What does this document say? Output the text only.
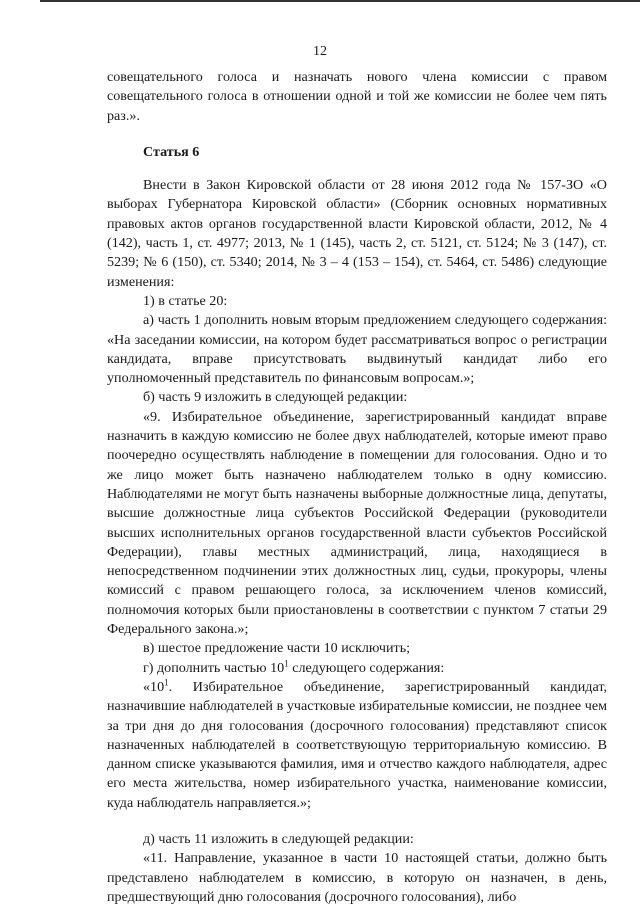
12

совещательного голоса и назначать нового члена комиссии с правом совещательного голоса в отношении одной и той же комиссии не более чем пять раз.».

Статья 6

Внести в Закон Кировской области от 28 июня 2012 года № 157-ЗО «О выборах Губернатора Кировской области» (Сборник основных нормативных правовых актов органов государственной власти Кировской области, 2012, № 4 (142), часть 1, ст. 4977; 2013, № 1 (145), часть 2, ст. 5121, ст. 5124; № 3 (147), ст. 5239; № 6 (150), ст. 5340; 2014, № 3 – 4 (153 – 154), ст. 5464, ст. 5486) следующие изменения:

1) в статье 20:

а) часть 1 дополнить новым вторым предложением следующего содержания: «На заседании комиссии, на котором будет рассматриваться вопрос о регистрации кандидата, вправе присутствовать выдвинутый кандидат либо его уполномоченный представитель по финансовым вопросам.»;

б) часть 9 изложить в следующей редакции:

«9. Избирательное объединение, зарегистрированный кандидат вправе назначить в каждую комиссию не более двух наблюдателей, которые имеют право поочередно осуществлять наблюдение в помещении для голосования. Одно и то же лицо может быть назначено наблюдателем только в одну комиссию. Наблюдателями не могут быть назначены выборные должностные лица, депутаты, высшие должностные лица субъектов Российской Федерации (руководители высших исполнительных органов государственной власти субъектов Российской Федерации), главы местных администраций, лица, находящиеся в непосредственном подчинении этих должностных лиц, судьи, прокуроры, члены комиссий с правом решающего голоса, за исключением членов комиссий, полномочия которых были приостановлены в соответствии с пунктом 7 статьи 29 Федерального закона.»;

в) шестое предложение части 10 исключить;

г) дополнить частью $10^1$ следующего содержания:

«$10^1$. Избирательное объединение, зарегистрированный кандидат, назначившие наблюдателей в участковые избирательные комиссии, не позднее чем за три дня до дня голосования (досрочного голосования) представляют список назначенных наблюдателей в соответствующую территориальную комиссию. В данном списке указываются фамилия, имя и отчество каждого наблюдателя, адрес его места жительства, номер избирательного участка, наименование комиссии, куда наблюдатель направляется.»;

д) часть 11 изложить в следующей редакции:

«11. Направление, указанное в части 10 настоящей статьи, должно быть представлено наблюдателем в комиссию, в которую он назначен, в день, предшествующий дню голосования (досрочного голосования), либо
